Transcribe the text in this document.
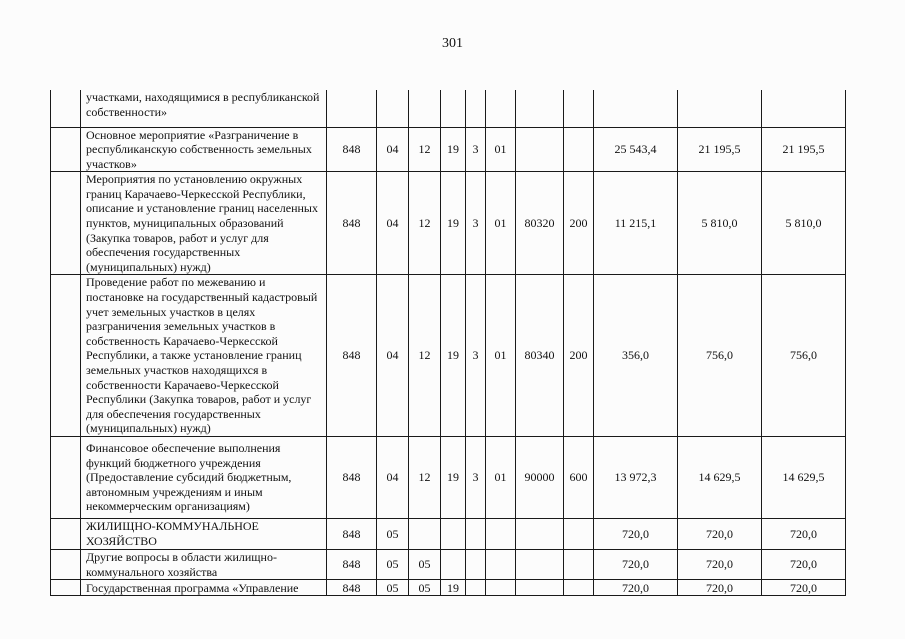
301
	участками, находящимися в республиканской собственности»											
	Основное мероприятие «Разграничение в республиканскую собственность земельных участков»	848	04	12	19	3	01			25 543,4	21 195,5	21 195,5
	Мероприятия по установлению окружных границ Карачаево-Черкесской Республики, описание и установление границ населенных пунктов, муниципальных образований (Закупка товаров, работ и услуг для обеспечения государственных (муниципальных) нужд)	848	04	12	19	3	01	80320	200	11 215,1	5 810,0	5 810,0
	Проведение работ по межеванию и постановке на государственный кадастровый учет земельных участков в целях разграничения земельных участков в собственность Карачаево-Черкесской Республики, а также установление границ земельных участков находящихся в собственности Карачаево-Черкесской Республики (Закупка товаров, работ и услуг для обеспечения государственных (муниципальных) нужд)	848	04	12	19	3	01	80340	200	356,0	756,0	756,0
	Финансовое обеспечение выполнения функций бюджетного учреждения (Предоставление субсидий бюджетным, автономным учреждениям и иным некоммерческим организациям)	848	04	12	19	3	01	90000	600	13 972,3	14 629,5	14 629,5
	ЖИЛИЩНО-КОММУНАЛЬНОЕ ХОЗЯЙСТВО	848	05							720,0	720,0	720,0
	Другие вопросы в области жилищно-коммунального хозяйства	848	05	05						720,0	720,0	720,0
	Государственная программа «Управление	848	05	05	19					720,0	720,0	720,0
